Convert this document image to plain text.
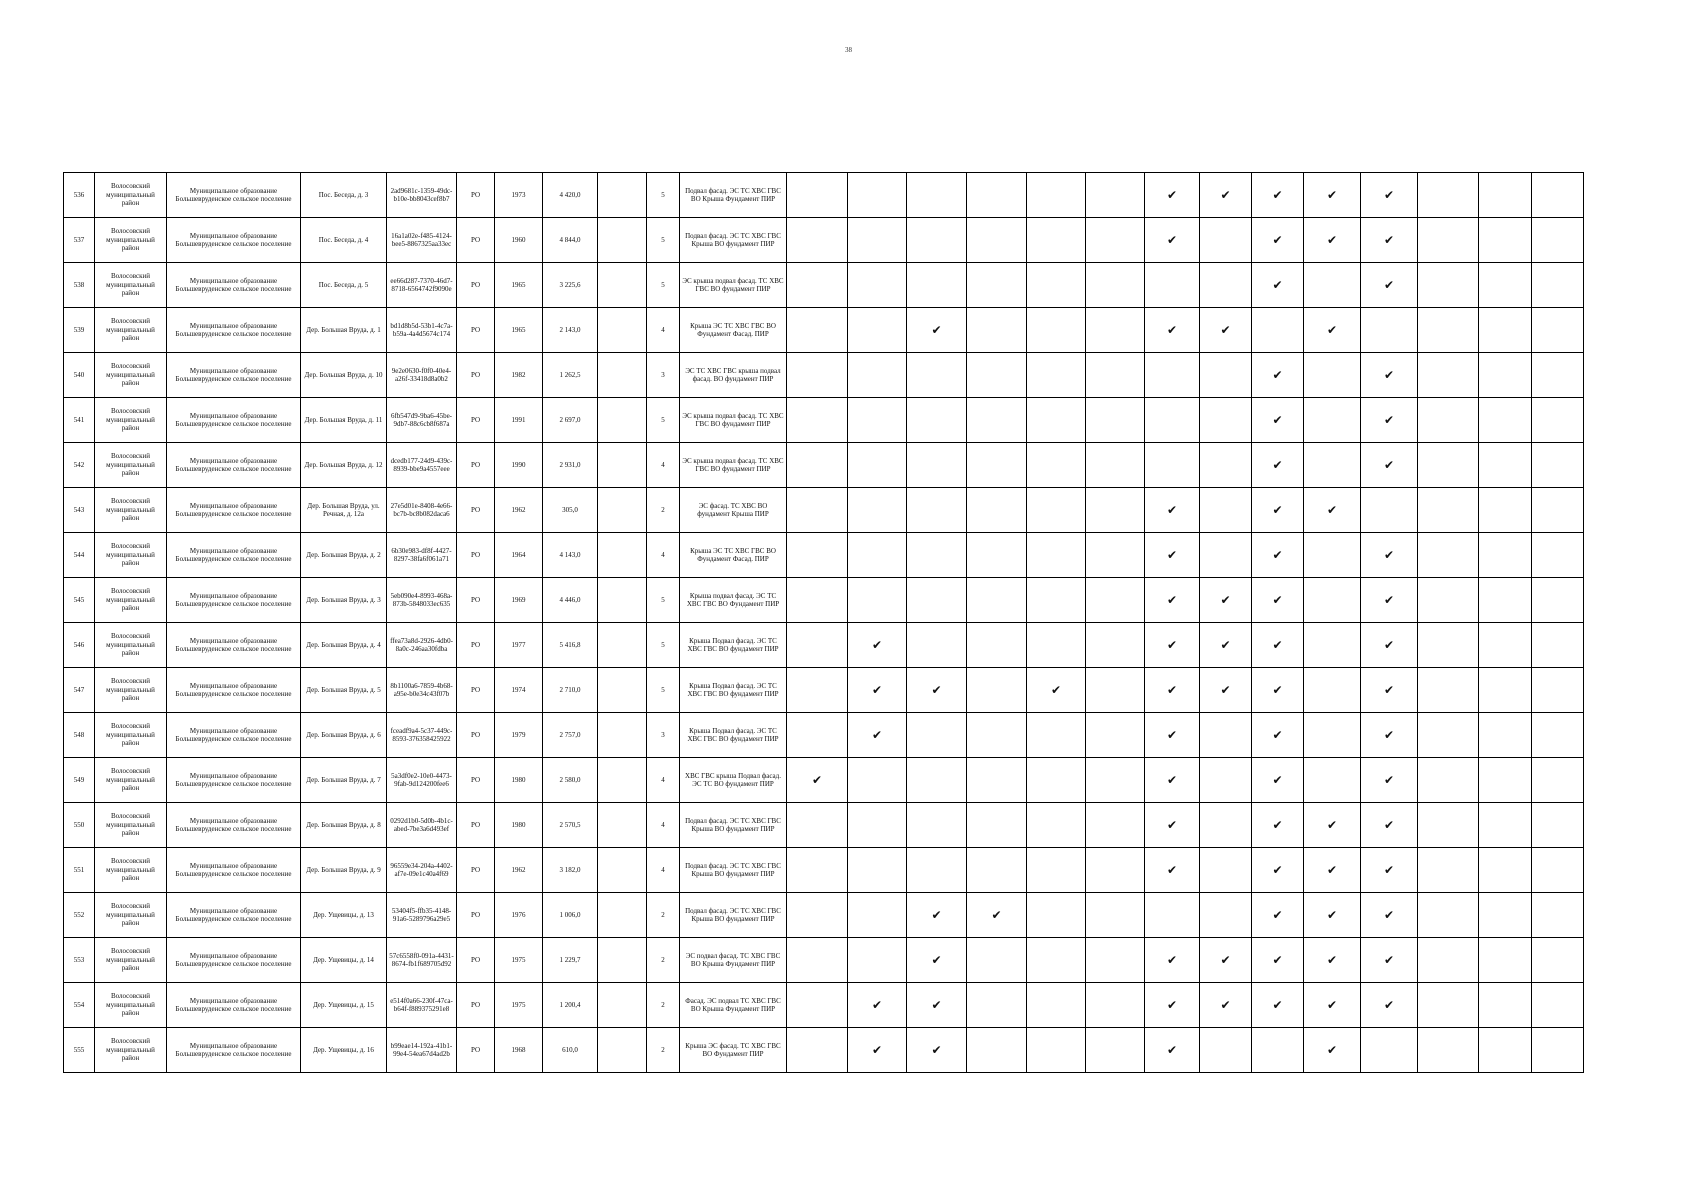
38
536	Волосовский муниципальный район	Муниципальное образование Большевруденское сельское поселение	Пос. Беседа, д. 3	2ad9681c-1359-49dc-b10e-bb8043cef8b7	РО	1973	4 420,0		5	Подвал фасад. ЭС ТС ХВС ГВС ВО Крыша Фундамент ПИР							✔	✔	✔	✔	✔			
537	Волосовский муниципальный район	Муниципальное образование Большевруденское сельское поселение	Пос. Беседа, д. 4	16a1a02e-f485-4124-bee5-8867325aa33ec	РО	1960	4 844,0		5	Подвал фасад. ЭС ТС ХВС ГВС Крыша ВО фундамент ПИР							✔		✔	✔	✔			
538	Волосовский муниципальный район	Муниципальное образование Большевруденское сельское поселение	Пос. Беседа, д. 5	ee66d287-7370-46d7-8718-6564742f9090e	РО	1965	3 225,6		5	ЭС крыша подвал фасад. ТС ХВС ГВС ВО фундамент ПИР									✔		✔			
539	Волосовский муниципальный район	Муниципальное образование Большевруденское сельское поселение	Дер. Большая Вруда, д. 1	bd1d8b5d-53b1-4c7a-b59a-4a4d5674c174	РО	1965	2 143,0		4	Крыша ЭС ТС ХВС ГВС ВО Фундамент Фасад. ПИР			✔				✔	✔		✔				
540	Волосовский муниципальный район	Муниципальное образование Большевруденское сельское поселение	Дер. Большая Вруда, д. 10	9e2e0630-f0f0-40e4-a26f-33418d8a0b2	РО	1982	1 262,5		3	ЭС ТС ХВС ГВС крыша подвал фасад. ВО фундамент ПИР									✔		✔			
541	Волосовский муниципальный район	Муниципальное образование Большевруденское сельское поселение	Дер. Большая Вруда, д. 11	6fb547d9-9ba6-45be-9db7-88c6cb8f687a	РО	1991	2 697,0		5	ЭС крыша подвал фасад. ТС ХВС ГВС ВО фундамент ПИР									✔		✔			
542	Волосовский муниципальный район	Муниципальное образование Большевруденское сельское поселение	Дер. Большая Вруда, д. 12	dcedb177-24d9-439c-8939-bbe9a4557eee	РО	1990	2 931,0		4	ЭС крыша подвал фасад. ТС ХВС ГВС ВО фундамент ПИР									✔		✔			
543	Волосовский муниципальный район	Муниципальное образование Большевруденское сельское поселение	Дер. Большая Вруда, ул. Речная, д. 12а	27e5d01e-8408-4e66-bc7b-bc8b082daca6	РО	1962	305,0		2	ЭС фасад. ТС ХВС ВО фундамент Крыша ПИР							✔		✔	✔				
544	Волосовский муниципальный район	Муниципальное образование Большевруденское сельское поселение	Дер. Большая Вруда, д. 2	6b30e983-df8f-4427-8297-38fa6f061a71	РО	1964	4 143,0		4	Крыша ЭС ТС ХВС ГВС ВО Фундамент Фасад. ПИР							✔		✔		✔			
545	Волосовский муниципальный район	Муниципальное образование Большевруденское сельское поселение	Дер. Большая Вруда, д. 3	5eb090e4-8993-468a-873b-5848033ec635	РО	1969	4 446,0		5	Крыша подвал фасад. ЭС ТС ХВС ГВС ВО Фундамент ПИР							✔	✔	✔		✔			
546	Волосовский муниципальный район	Муниципальное образование Большевруденское сельское поселение	Дер. Большая Вруда, д. 4	ffea73a8d-2926-4db0-8a0c-246aa30fdba	РО	1977	5 416,8		5	Крыша Подвал фасад. ЭС ТС ХВС ГВС ВО фундамент ПИР		✔					✔	✔	✔		✔			
547	Волосовский муниципальный район	Муниципальное образование Большевруденское сельское поселение	Дер. Большая Вруда, д. 5	8b1100a6-7859-4b68-a95e-b0e34c43f07b	РО	1974	2 710,0		5	Крыша Подвал фасад. ЭС ТС ХВС ГВС ВО фундамент ПИР		✔	✔		✔		✔	✔	✔		✔			
548	Волосовский муниципальный район	Муниципальное образование Большевруденское сельское поселение	Дер. Большая Вруда, д. 6	fceadf9a4-5c37-449c-8593-376358425922	РО	1979	2 757,0		3	Крыша Подвал фасад. ЭС ТС ХВС ГВС ВО фундамент ПИР		✔					✔		✔		✔			
549	Волосовский муниципальный район	Муниципальное образование Большевруденское сельское поселение	Дер. Большая Вруда, д. 7	5a3df0e2-10e0-4473-9fab-9d124200fee6	РО	1980	2 580,0		4	ХВС ГВС крыша Подвал фасад. ЭС ТС ВО фундамент ПИР	✔						✔		✔		✔			
550	Волосовский муниципальный район	Муниципальное образование Большевруденское сельское поселение	Дер. Большая Вруда, д. 8	0292d1b0-5d0b-4b1c-abed-7be3a6d493ef	РО	1980	2 570,5		4	Подвал фасад. ЭС ТС ХВС ГВС Крыша ВО фундамент ПИР							✔		✔	✔	✔			
551	Волосовский муниципальный район	Муниципальное образование Большевруденское сельское поселение	Дер. Большая Вруда, д. 9	96559e34-204a-4402-af7e-09e1c40a4f69	РО	1962	3 182,0		4	Подвал фасад. ЭС ТС ХВС ГВС Крыша ВО фундамент ПИР							✔		✔	✔	✔			
552	Волосовский муниципальный район	Муниципальное образование Большевруденское сельское поселение	Дер. Ущевицы, д. 13	53404f5-ffb35-4148-91a6-5289796a29e5	РО	1976	1 006,0		2	Подвал фасад. ЭС ТС ХВС ГВС Крыша ВО фундамент ПИР			✔	✔					✔	✔	✔			
553	Волосовский муниципальный район	Муниципальное образование Большевруденское сельское поселение	Дер. Ущевицы, д. 14	57c6558f0-091a-4431-8674-fb1f689705d92	РО	1975	1 229,7		2	ЭС подвал фасад. ТС ХВС ГВС ВО Крыша Фундамент ПИР			✔				✔	✔	✔	✔	✔			
554	Волосовский муниципальный район	Муниципальное образование Большевруденское сельское поселение	Дер. Ущевицы, д. 15	e514f0a66-230f-47ca-b64f-f889375291e8	РО	1975	1 200,4		2	Фасад. ЭС подвал ТС ХВС ГВС ВО Крыша Фундамент ПИР		✔	✔				✔	✔	✔	✔	✔			
555	Волосовский муниципальный район	Муниципальное образование Большевруденское сельское поселение	Дер. Ущевицы, д. 16	b99eae14-192a-41b1-99e4-54ea67d4ad2b	РО	1968	610,0		2	Крыша ЭС фасад. ТС ХВС ГВС ВО Фундамент ПИР		✔	✔				✔			✔				
